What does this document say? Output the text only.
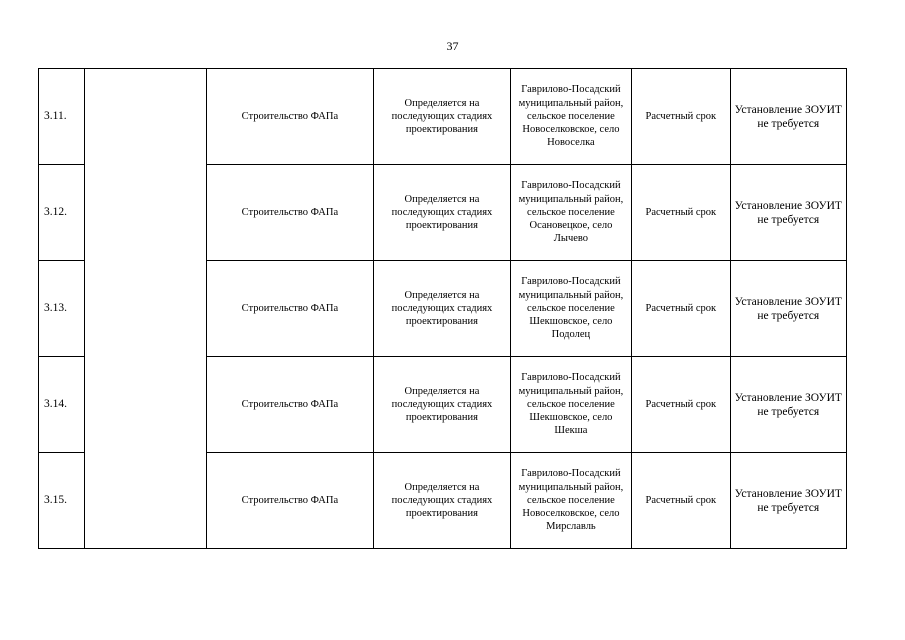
37
3.11.		Строительство ФАПа	Определяется на последующих стадиях проектирования	Гаврилово-Посадский муниципальный район, сельское поселение Новоселковское, село Новоселка	Расчетный срок	Установление ЗОУИТ не требуется
3.12.		Строительство ФАПа	Определяется на последующих стадиях проектирования	Гаврилово-Посадский муниципальный район, сельское поселение Осановецкое, село Лычево	Расчетный срок	Установление ЗОУИТ не требуется
3.13.		Строительство ФАПа	Определяется на последующих стадиях проектирования	Гаврилово-Посадский муниципальный район, сельское поселение Шекшовское, село Подолец	Расчетный срок	Установление ЗОУИТ не требуется
3.14.		Строительство ФАПа	Определяется на последующих стадиях проектирования	Гаврилово-Посадский муниципальный район, сельское поселение Шекшовское, село Шекшa	Расчетный срок	Установление ЗОУИТ не требуется
3.15.		Строительство ФАПа	Определяется на последующих стадиях проектирования	Гаврилово-Посадский муниципальный район, сельское поселение Новоселковское, село Мирславль	Расчетный срок	Установление ЗОУИТ не требуется
